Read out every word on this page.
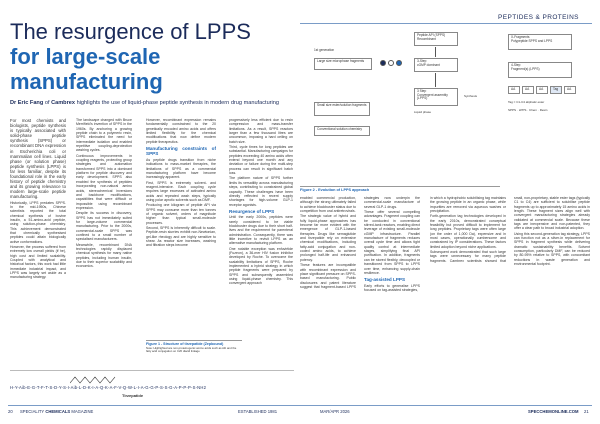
PEPTIDES & PROTEINS
The resurgence of LPPS
for large-scale
manufacturing
Dr Eric Fang of Cambrex highlights the use of liquid-phase peptide synthesis in modern drug manufacturing

For most chemists and biologists, peptide synthesis is typically associated with solid-phase peptide synthesis (SPPS) or recombinant DNA expression in Escherichia coli or mammalian cell lines. Liquid phase (or solution phase) peptide synthesis (LPPS) is far less familiar, despite its foundational role in the early history of peptide chemistry and its growing relevance to modern large-scale peptide manufacturing.

Historically, LPPS predates SPPS. In the mid-1950s, Chinese scientists reported the total chemical synthesis of bovine insulin, a 51-amino-acid peptide, using solution-phase chemistry. This achievement demonstrated that chemically synthesised peptides could attain biologically active conformations.

However, the process suffered from extremely low overall yields (if he), high cost and limited scalability. Coupled with analytical and historical factors, this work had little immediate industrial impact, and LPPS was largely set aside as a manufacturing strategy.

The landscape changed with Bruce Merrifield's invention of SPPS in the 1960s. By anchoring a growing peptide chain to a polymeric resin, SPPS eliminated the need for intermediate isolation and enabled repetitive coupling-deprotection washing cycles.

Continuous improvements in coupling reagents, protecting group strategies and automation transformed SPPS into a dominant platform for peptide discovery and early development. SPPS also enabled the synthesis of peptides incorporating non-natural amino acids, stereochemical inversions and backbone modifications, capabilities that were difficult or impossible using recombinant expression.

Despite its success in discovery, SPPS has not immediately suited for large-volume commercial manufacturing. Prior to the 2000s, commercial-scale SPPS was confined to a small number of specialised manufacturers.

Meanwhile, recombinant DNA technologies rapidly displaced chemical synthesis for many native peptides, including human insulin, due to their superior scalability and economics.

However, recombinant expression remains fundamentally constrained to the 20 genetically encoded amino acids and offers limited flexibility for the chemical modifications that now define modern peptide therapeutics.

Manufacturing constraints of SPPS

As peptide drugs transition from niche indications to mass-market therapies, the limitations of SPPS as a commercial manufacturing platform have become increasingly apparent.

First, SPPS is extremely solvent- and reagent-intensive. Each coupling cycle requires large excesses of activated amino acids and repeated wash steps, typically using polar aprotic solvents such as DMF.

Producing one kilogram of peptide API via SPPS may consume more than ten tonnes of organic solvent, orders of magnitude higher than typical small-molecule processes.

Second, SPPS is inherently difficult to scale. Peptide-resin slurries exhibit non-Newtonian, gel-like rheology and are highly sensitive to shear. As reactor size increases, washing and filtration steps become

Figure 1 - Structure of tirzepatide (Zepbound)
Note: Highlighted are non-proteinogenic amino acids such as Aib and the fatty acid conjugation on C20 diacid linkage

progressively less efficient due to resin compression and mass-transfer limitations. As a result, SPPS reactors larger than a few thousand litres are uncommon, imposing a hard ceiling on batch size.

Third, cycle times for long peptides are substantial. Manufacturing campaigns for peptides exceeding 40 amino acids often extend beyond one month and any deviation or failure during the multi-step process can result in significant batch loss.

The platform nature of SPPS further limits its versatility across manufacturing steps, contributing to constrained global capacity. These challenges have been directly reflected in recent supply shortages for high-volume GLP-1 receptor agonists.

Resurgence of LPPS

Until the early 2000s, peptides were rarely considered to be viable blockbuster drugs due to their short half-lives and the requirement for parenteral administration. Consequently, there was little incentive to revisit LPPS as an alternative manufacturing platform.

One notable exception was enfuvirtide (Fuzeon), a 36-mer HIV fusion inhibitor developed by Roche. To overcome the scalability limitations of SPPS, Roche implemented a hybrid strategy in which peptide fragments were prepared by SPPS and subsequently assembled using liquid-phase chemistry. This convergent approach

Large size microphase fragments
Conventional solution chemistry
Small size ester/solution fragments
Peptide API (SPPS)
Recombinant
3-Step
cGMP dominant
3 Step
Convergent assembly (LPPS)
X-Fragments
Polypeptide SPPS and LPPS
4-Step
Fragment(s) (LPPS)
AA	AA	AA	Tag	AA
Tag = C1-C4 aliphatic ester
SPPS · LPPS · Chem · Resin
1st generation
Liquid phase
Synthesis
Figure 2 - Evolution of LPPS approach

enabled commercial production, although the strong ultimately failed to achieve blockbuster status due to competition from oral antiretrovirals.

The strategic value of hybrid and fully liquid-phase approaches has become far more evident with the emergence of GLP-1-based therapies. Drugs like semaglutide and tirzepatide rely on extensive chemical modifications, including fatty-acid conjugation and non-coded amino acids, to achieve prolonged half-life and enhanced potency.

These features are incompatible with recombinant expression and place significant pressure on SPPS-based manufacturing. Public disclosures and patent literature suggest that fragment-based LPPS strategies now underpin the commercial-scale manufacture of several GLP-1 drugs.

These offer several compelling advantages. Fragment coupling can be conducted in conventional stirred-tank reactors, enabling direct leverage of existing small-molecule cGMP infrastructure. Parallel manufacture of fragments reduces overall cycle time and allows tight quality control at intermediate stages, simplifying final API purification. In addition, fragments can be stored flexibly, decoupled or transitioned from SPPS to LPPS over time, enhancing supply-chain resilience.

Tag-assisted LPPS

Early efforts to generalise LPPS focused on tag-assisted strategies,

in which a hydrophobic solubilising tag maintains the growing peptide in an organic phase, while impurities are removed via aqueous washes or precipitation.

Forth-generation tag technologies developed in the early 2010s, demonstrated conceptual feasibility but proved difficult to implement for long peptides. Proprietary tags were often large (on the order of 1,000 Da), expensive and in most cases, operationally cumbersome and constrained by IP considerations. These factors limited adoption beyond niche applications.

Subsequent work demonstrated that such large tags were unnecessary for many peptide fragments. Cambrex scientists showed that small, non-proprietary, stable ester tags (typically C1 to C4) are sufficient to solubilise peptide fragments up to approximately 15 amino acids in length. These fragment sizes align well with convergent manufacturing strategies already validated at commercial scale. Because these tags are inexpensive and non-patented, they offer a clear path to broad industrial adoption.

Using this second-generation tag strategy, LPPS can function not as a silver-in replacement for SPPS in fragment synthesis while delivering dramatic sustainability benefits. Solvent consumption, particularly DMF, can be reduced by 80-95% relative to SPPS, with concomitant reductions in waste generation and environmental footprint.

H-Y-Aib-E-G-T-F-T-S-D-Y-S-I-Aib-L-D-K-I-A-Q-K-A-F-V-Q-W-L-I-A-G-G-P-S-S-G-A-P-P-P-S-NH2
Tirzepatide
20 SPECIALITY CHEMICALS MAGAZINE	ESTABLISHED 1981	MAR/APR 2026	SPECCHEMONLINE.COM 21
